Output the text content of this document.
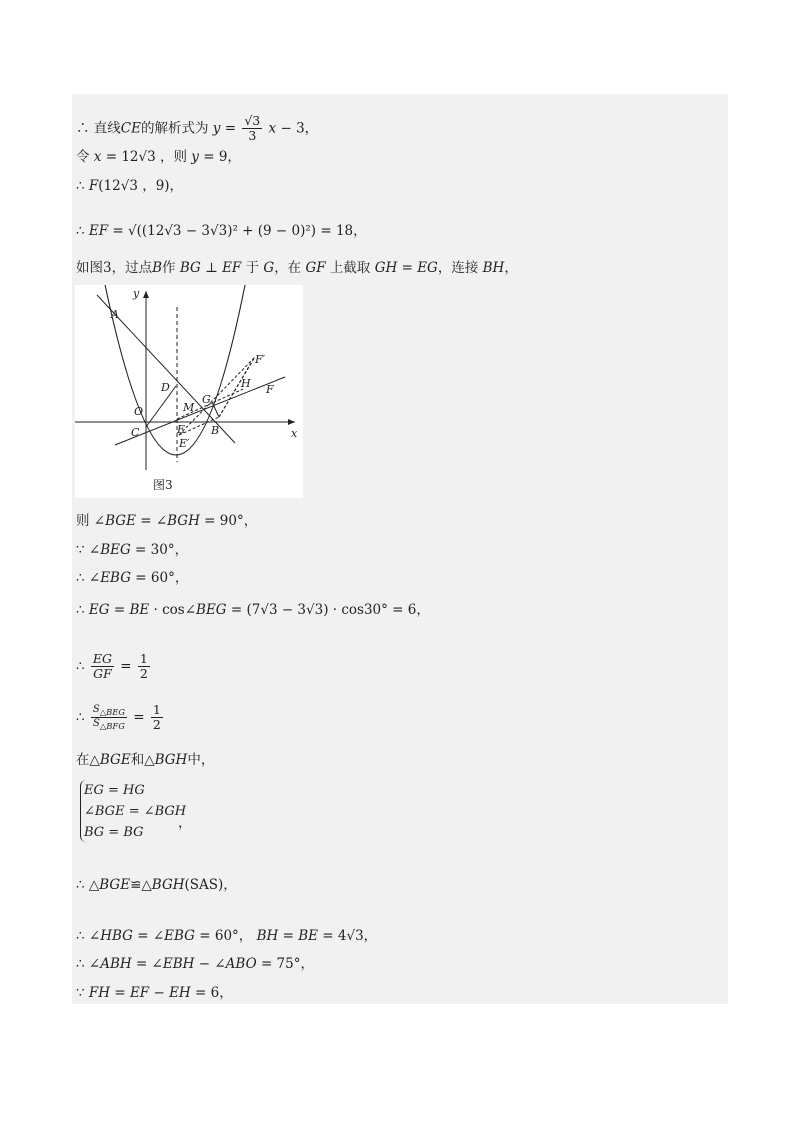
∴ 直线CE的解析式为 $y = \frac{√3}{3}$ x − 3，
令 x = 12√3 ，则 y = 9，
∴ F(12√3 ，9)，
∴ EF = √((12√3 − 3√3)² + (9 − 0)²) = 18，
如图3，过点B作 BG ⊥ EF 于 G，在 GF 上截取 GH = EG，连接 BH，
y
x
A
D
O
C
M
G
E
E′
B
F
F′
H
图3
则 ∠BGE = ∠BGH = 90°，
∵ ∠BEG = 30°，
∴ ∠EBG = 60°，
∴ EG = BE · cos∠BEG = (7√3 − 3√3) · cos30° = 6，
∴ $\frac{EG}{GF} = \frac{1}{2}$
∴ $\frac{S_{\triangle BEG}}{S_{\triangle BFG}} = \frac{1}{2}$
在△BGE和△BGH中，
EG = HG
∠BGE = ∠BGH
BG = BG
，
∴ △BGE≌△BGH(SAS)，
∴ ∠HBG = ∠EBG = 60°， BH = BE = 4√3，
∴ ∠ABH = ∠EBH − ∠ABO = 75°，
∵ FH = EF − EH = 6，
